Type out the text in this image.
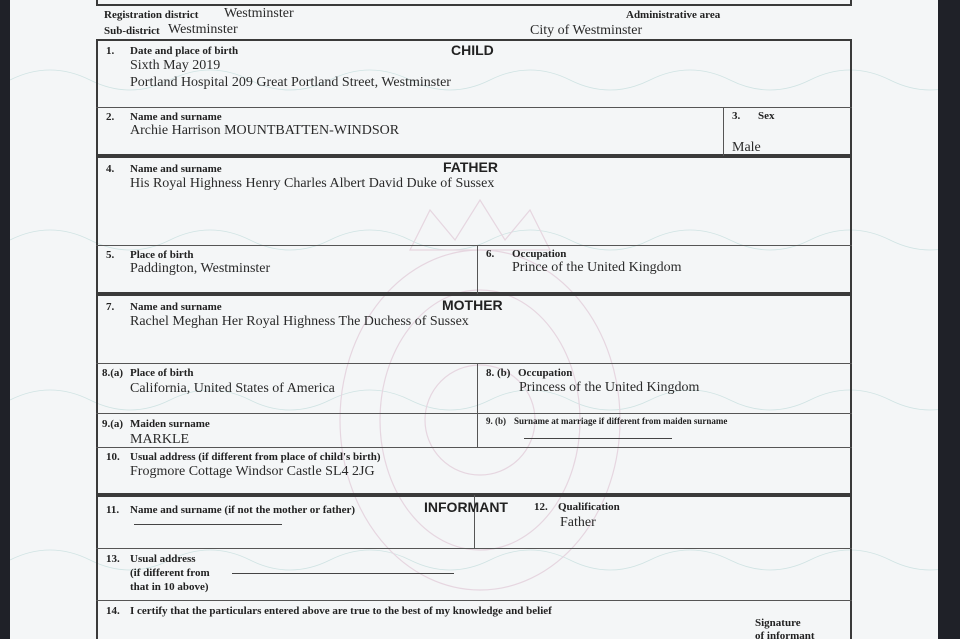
Registration district Westminster	Administrative area
Sub-district Westminster	City of Westminster
1. Date and place of birth	CHILD
Sixth May 2019
Portland Hospital 209 Great Portland Street, Westminster
2. Name and surname
Archie Harrison MOUNTBATTEN-WINDSOR
3. Sex
Male
4. Name and surname	FATHER
His Royal Highness Henry Charles Albert David Duke of Sussex
5. Place of birth
Paddington, Westminster
6. Occupation
Prince of the United Kingdom
7. Name and surname	MOTHER
Rachel Meghan Her Royal Highness The Duchess of Sussex
8.(a) Place of birth
California, United States of America
8. (b) Occupation
Princess of the United Kingdom
9.(a) Maiden surname
MARKLE
9. (b) Surname at marriage if different from maiden surname
10. Usual address (if different from place of child's birth)
Frogmore Cottage Windsor Castle SL4 2JG
11. Name and surname (if not the mother or father)	INFORMANT 12. Qualification
Father
13. Usual address
(if different from
that in 10 above)
14. I certify that the particulars entered above are true to the best of my knowledge and belief
Signature
of informant
